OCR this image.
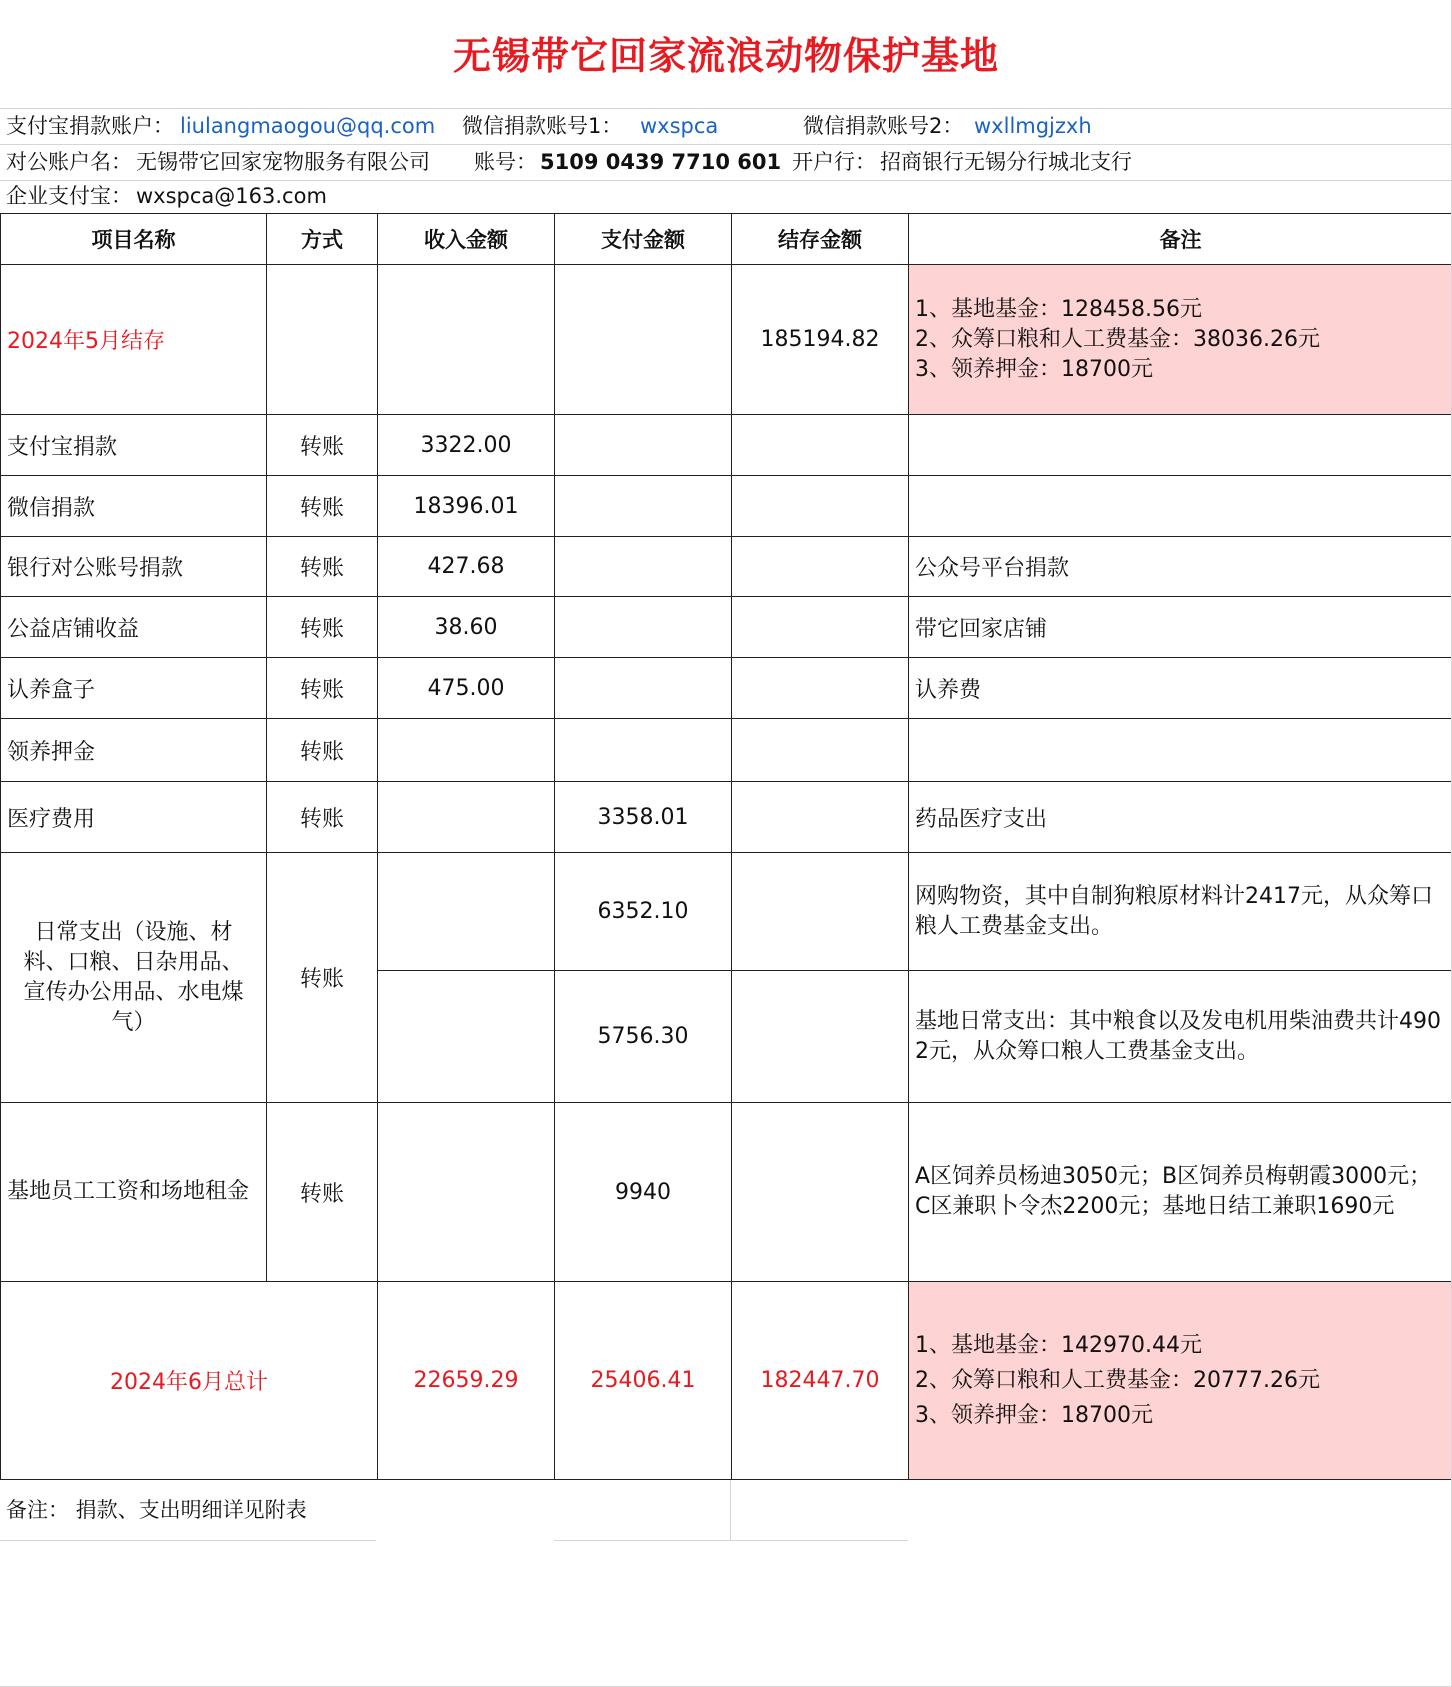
无锡带它回家流浪动物保护基地
支付宝捐款账户： liulangmaogou@qq.com 微信捐款账号1： wxspca	微信捐款账号2： wxllmgjzxh
对公账户名： 无锡带它回家宠物服务有限公司 账号： 5109 0439 7710 601 开户行： 招商银行无锡分行城北支行
企业支付宝： wxspca@163.com
项目名称	方式	收入金额	支付金额	结存金额	备注
2024年5月结存				185194.82	1、基地基金：128458.56元
2、众筹口粮和人工费基金：38036.26元
3、领养押金：18700元

支付宝捐款	转账	3322.00			
微信捐款	转账	18396.01			
银行对公账号捐款	转账	427.68			公众号平台捐款
公益店铺收益	转账	38.60			带它回家店铺
认养盒子	转账	475.00			认养费
领养押金	转账				
医疗费用	转账		3358.01		药品医疗支出
日常支出（设施、材料、口粮、日杂用品、宣传办公用品、水电煤气）	转账		6352.10		网购物资，其中自制狗粮原材料计2417元，从众筹口粮人工费基金支出。
			5756.30		基地日常支出：其中粮食以及发电机用柴油费共计4902元，从众筹口粮人工费基金支出。
基地员工工资和场地租金	转账		9940		A区饲养员杨迪3050元；B区饲养员梅朝霞3000元；C区兼职卜令杰2200元；基地日结工兼职1690元
2024年6月总计		22659.29	25406.41	182447.70	1、基地基金：142970.44元
2、众筹口粮和人工费基金：20777.26元
3、领养押金：18700元
备注： 捐款、支出明细详见附表
